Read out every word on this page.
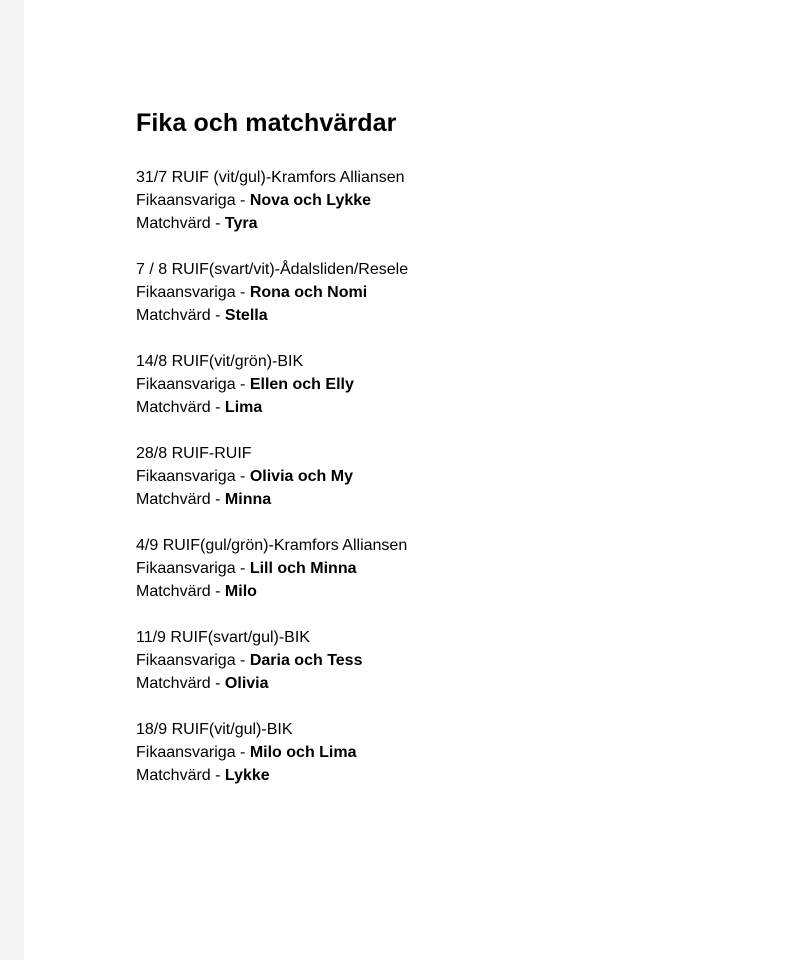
Fika och matchvärdar
31/7 RUIF (vit/gul)-Kramfors Alliansen
Fikaansvariga - Nova och Lykke
Matchvärd - Tyra
7 / 8 RUIF(svart/vit)-Ådalsliden/Resele
Fikaansvariga - Rona och Nomi
Matchvärd - Stella
14/8 RUIF(vit/grön)-BIK
Fikaansvariga - Ellen och Elly
Matchvärd - Lima
28/8 RUIF-RUIF
Fikaansvariga - Olivia och My
Matchvärd - Minna
4/9 RUIF(gul/grön)-Kramfors Alliansen
Fikaansvariga - Lill och Minna
Matchvärd - Milo
11/9 RUIF(svart/gul)-BIK
Fikaansvariga - Daria och Tess
Matchvärd - Olivia
18/9 RUIF(vit/gul)-BIK
Fikaansvariga - Milo och Lima
Matchvärd - Lykke
